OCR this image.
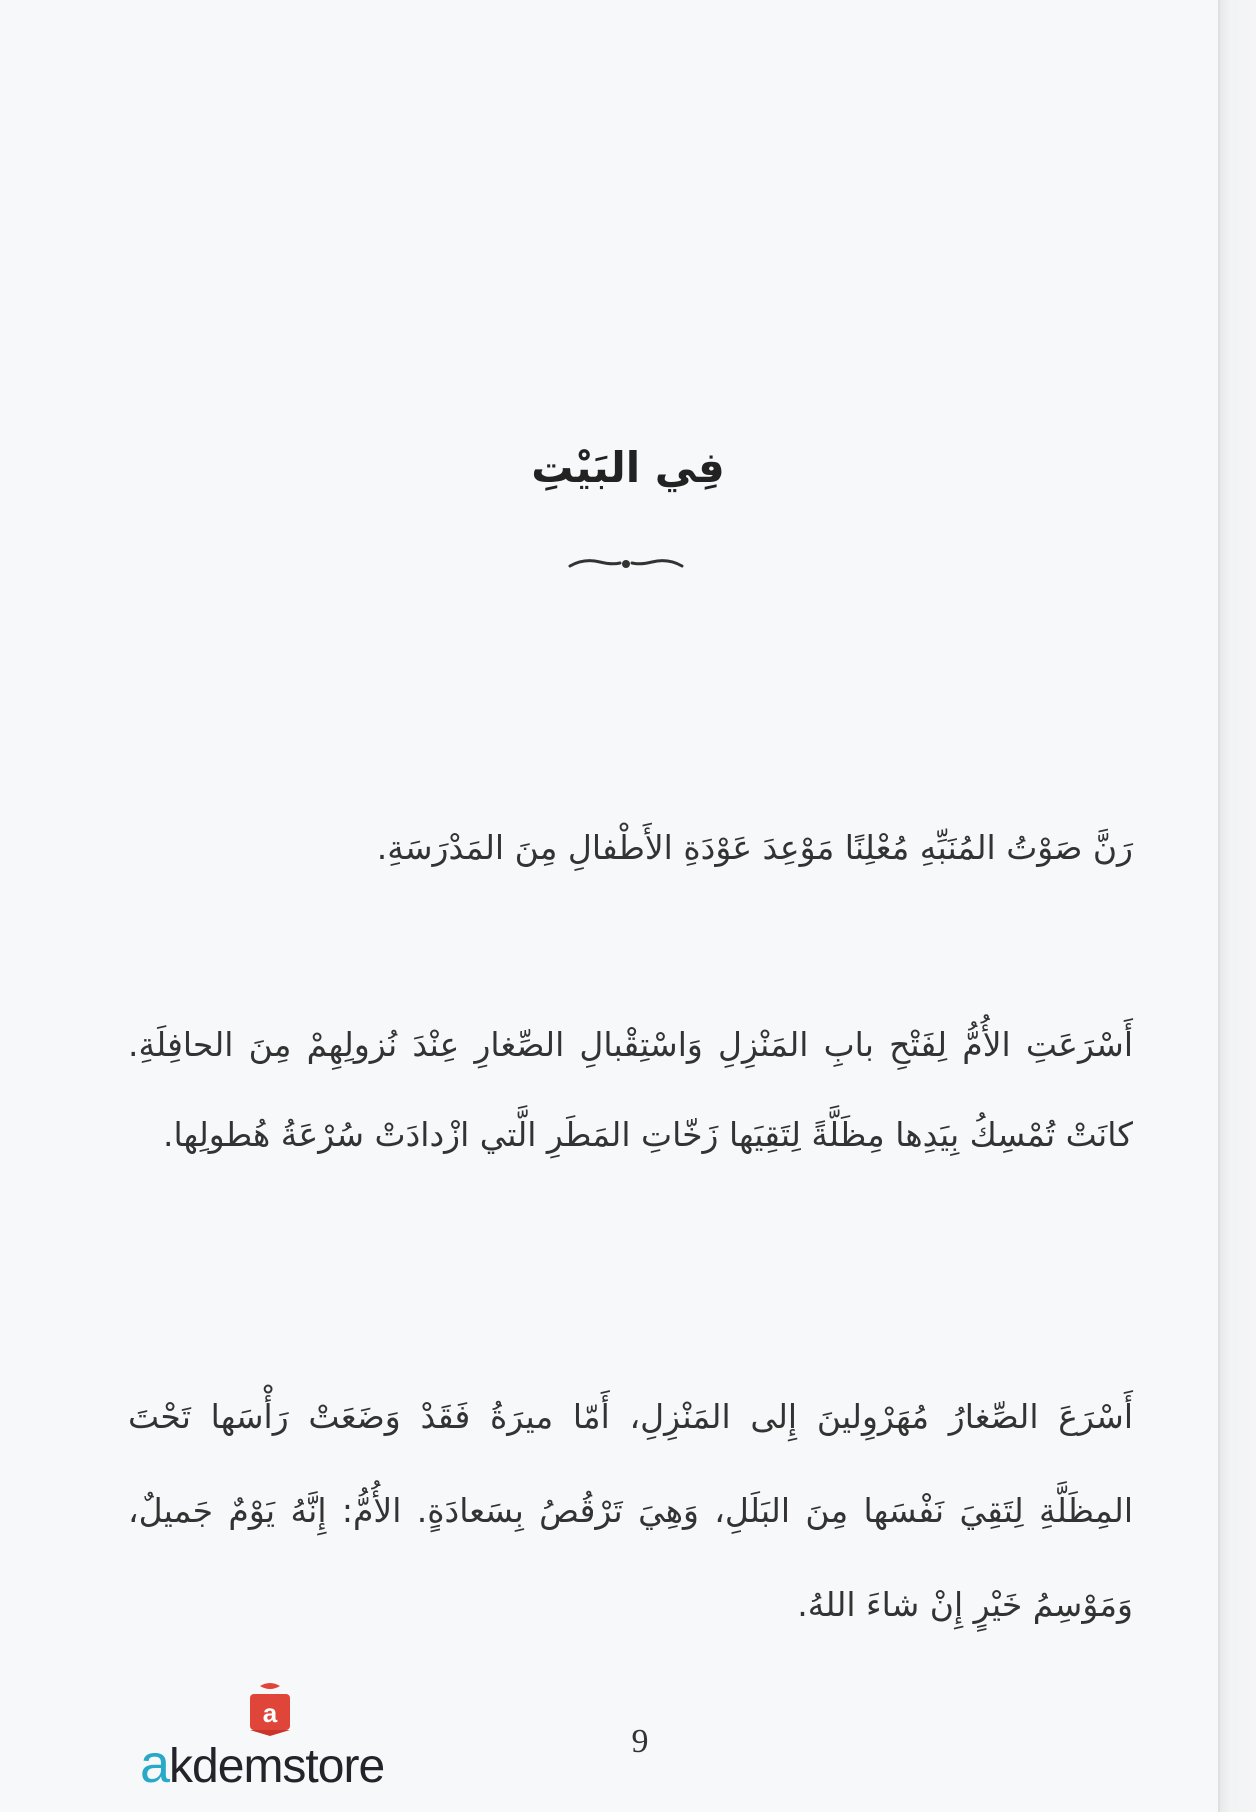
فِي البَيْتِ
رَنَّ صَوْتُ المُنَبِّهِ مُعْلِنًا مَوْعِدَ عَوْدَةِ الأَطْفالِ مِنَ المَدْرَسَةِ.
أَسْرَعَتِ الأُمُّ لِفَتْحِ بابِ المَنْزِلِ وَاسْتِقْبالِ الصِّغارِ عِنْدَ نُزولِهِمْ مِنَ الحافِلَةِ. كانَتْ تُمْسِكُ بِيَدِها مِظَلَّةً لِتَقِيَها زَخّاتِ المَطَرِ الَّتي ازْدادَتْ سُرْعَةُ هُطولِها.
أَسْرَعَ الصِّغارُ مُهَرْوِلينَ إِلى المَنْزِلِ، أَمّا ميرَةُ فَقَدْ وَضَعَتْ رَأْسَها تَحْتَ المِظَلَّةِ لِتَقِيَ نَفْسَها مِنَ البَلَلِ، وَهِيَ تَرْقُصُ بِسَعادَةٍ. الأُمُّ: إِنَّهُ يَوْمٌ جَميلٌ، وَمَوْسِمُ خَيْرٍ إِنْ شاءَ اللهُ.
a
akdemstore	9
